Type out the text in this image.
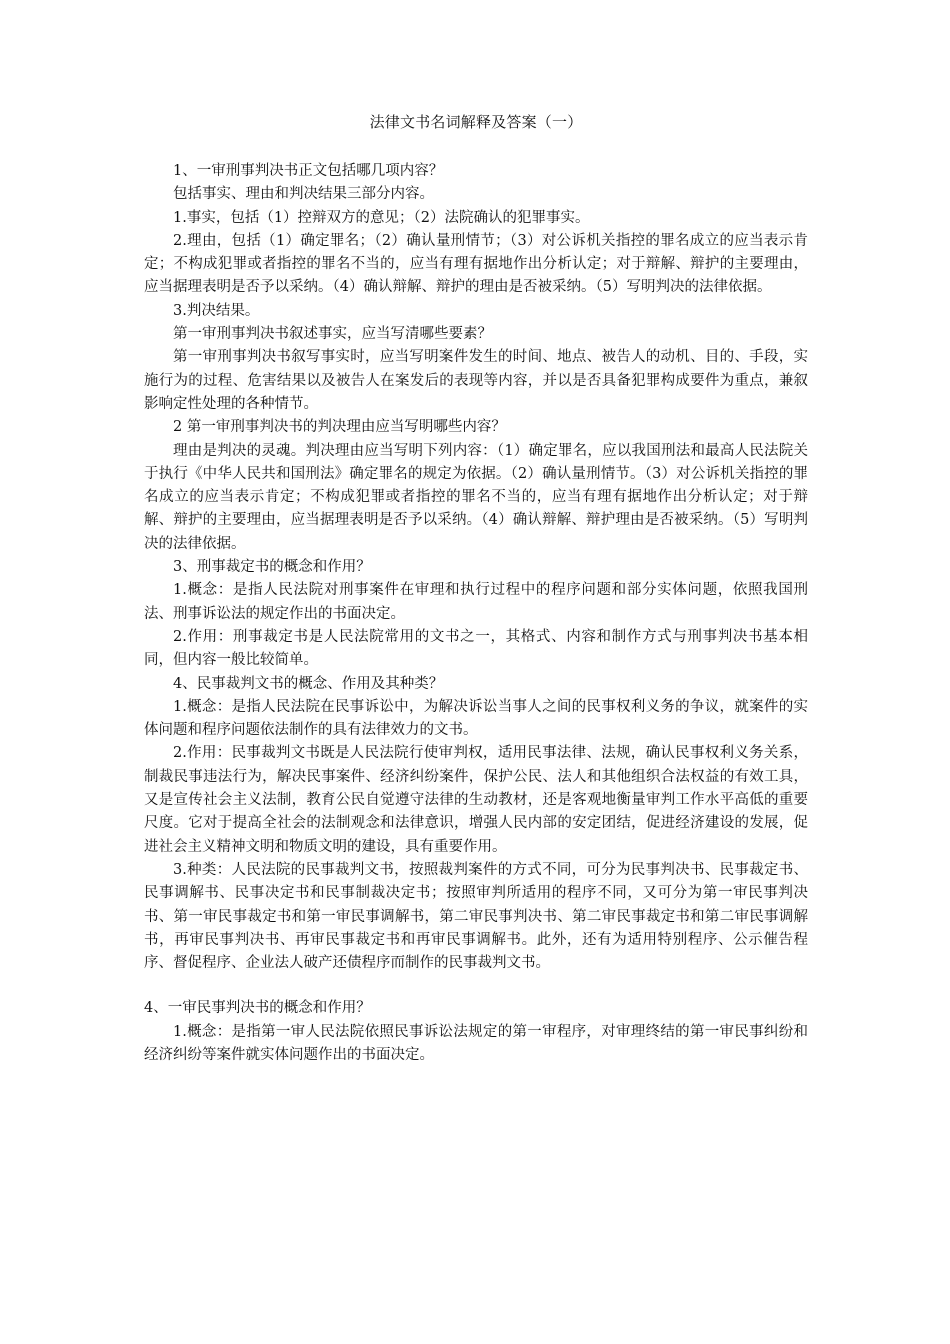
法律文书名词解释及答案（一）

1、一审刑事判决书正文包括哪几项内容？

包括事实、理由和判决结果三部分内容。

1.事实，包括（1）控辩双方的意见；（2）法院确认的犯罪事实。

2.理由，包括（1）确定罪名；（2）确认量刑情节；（3）对公诉机关指控的罪名成立的应当表示肯定；不构成犯罪或者指控的罪名不当的，应当有理有据地作出分析认定；对于辩解、辩护的主要理由，应当据理表明是否予以采纳。（4）确认辩解、辩护的理由是否被采纳。（5）写明判决的法律依据。

3.判决结果。

第一审刑事判决书叙述事实，应当写清哪些要素？

第一审刑事判决书叙写事实时，应当写明案件发生的时间、地点、被告人的动机、目的、手段，实施行为的过程、危害结果以及被告人在案发后的表现等内容，并以是否具备犯罪构成要件为重点，兼叙影响定性处理的各种情节。

2 第一审刑事判决书的判决理由应当写明哪些内容？

理由是判决的灵魂。判决理由应当写明下列内容：（1）确定罪名，应以我国刑法和最高人民法院关于执行《中华人民共和国刑法》确定罪名的规定为依据。（2）确认量刑情节。（3）对公诉机关指控的罪名成立的应当表示肯定；不构成犯罪或者指控的罪名不当的，应当有理有据地作出分析认定；对于辩解、辩护的主要理由，应当据理表明是否予以采纳。（4）确认辩解、辩护理由是否被采纳。（5）写明判决的法律依据。

3、刑事裁定书的概念和作用？

1.概念：是指人民法院对刑事案件在审理和执行过程中的程序问题和部分实体问题，依照我国刑法、刑事诉讼法的规定作出的书面决定。

2.作用：刑事裁定书是人民法院常用的文书之一，其格式、内容和制作方式与刑事判决书基本相同，但内容一般比较简单。

4、民事裁判文书的概念、作用及其种类？

1.概念：是指人民法院在民事诉讼中，为解决诉讼当事人之间的民事权利义务的争议，就案件的实体问题和程序问题依法制作的具有法律效力的文书。

2.作用：民事裁判文书既是人民法院行使审判权，适用民事法律、法规，确认民事权利义务关系，制裁民事违法行为，解决民事案件、经济纠纷案件，保护公民、法人和其他组织合法权益的有效工具，又是宣传社会主义法制，教育公民自觉遵守法律的生动教材，还是客观地衡量审判工作水平高低的重要尺度。它对于提高全社会的法制观念和法律意识，增强人民内部的安定团结，促进经济建设的发展，促进社会主义精神文明和物质文明的建设，具有重要作用。

3.种类：人民法院的民事裁判文书，按照裁判案件的方式不同，可分为民事判决书、民事裁定书、民事调解书、民事决定书和民事制裁决定书；按照审判所适用的程序不同，又可分为第一审民事判决书、第一审民事裁定书和第一审民事调解书，第二审民事判决书、第二审民事裁定书和第二审民事调解书，再审民事判决书、再审民事裁定书和再审民事调解书。此外，还有为适用特别程序、公示催告程序、督促程序、企业法人破产还债程序而制作的民事裁判文书。

4、一审民事判决书的概念和作用？

1.概念：是指第一审人民法院依照民事诉讼法规定的第一审程序，对审理终结的第一审民事纠纷和经济纠纷等案件就实体问题作出的书面决定。
